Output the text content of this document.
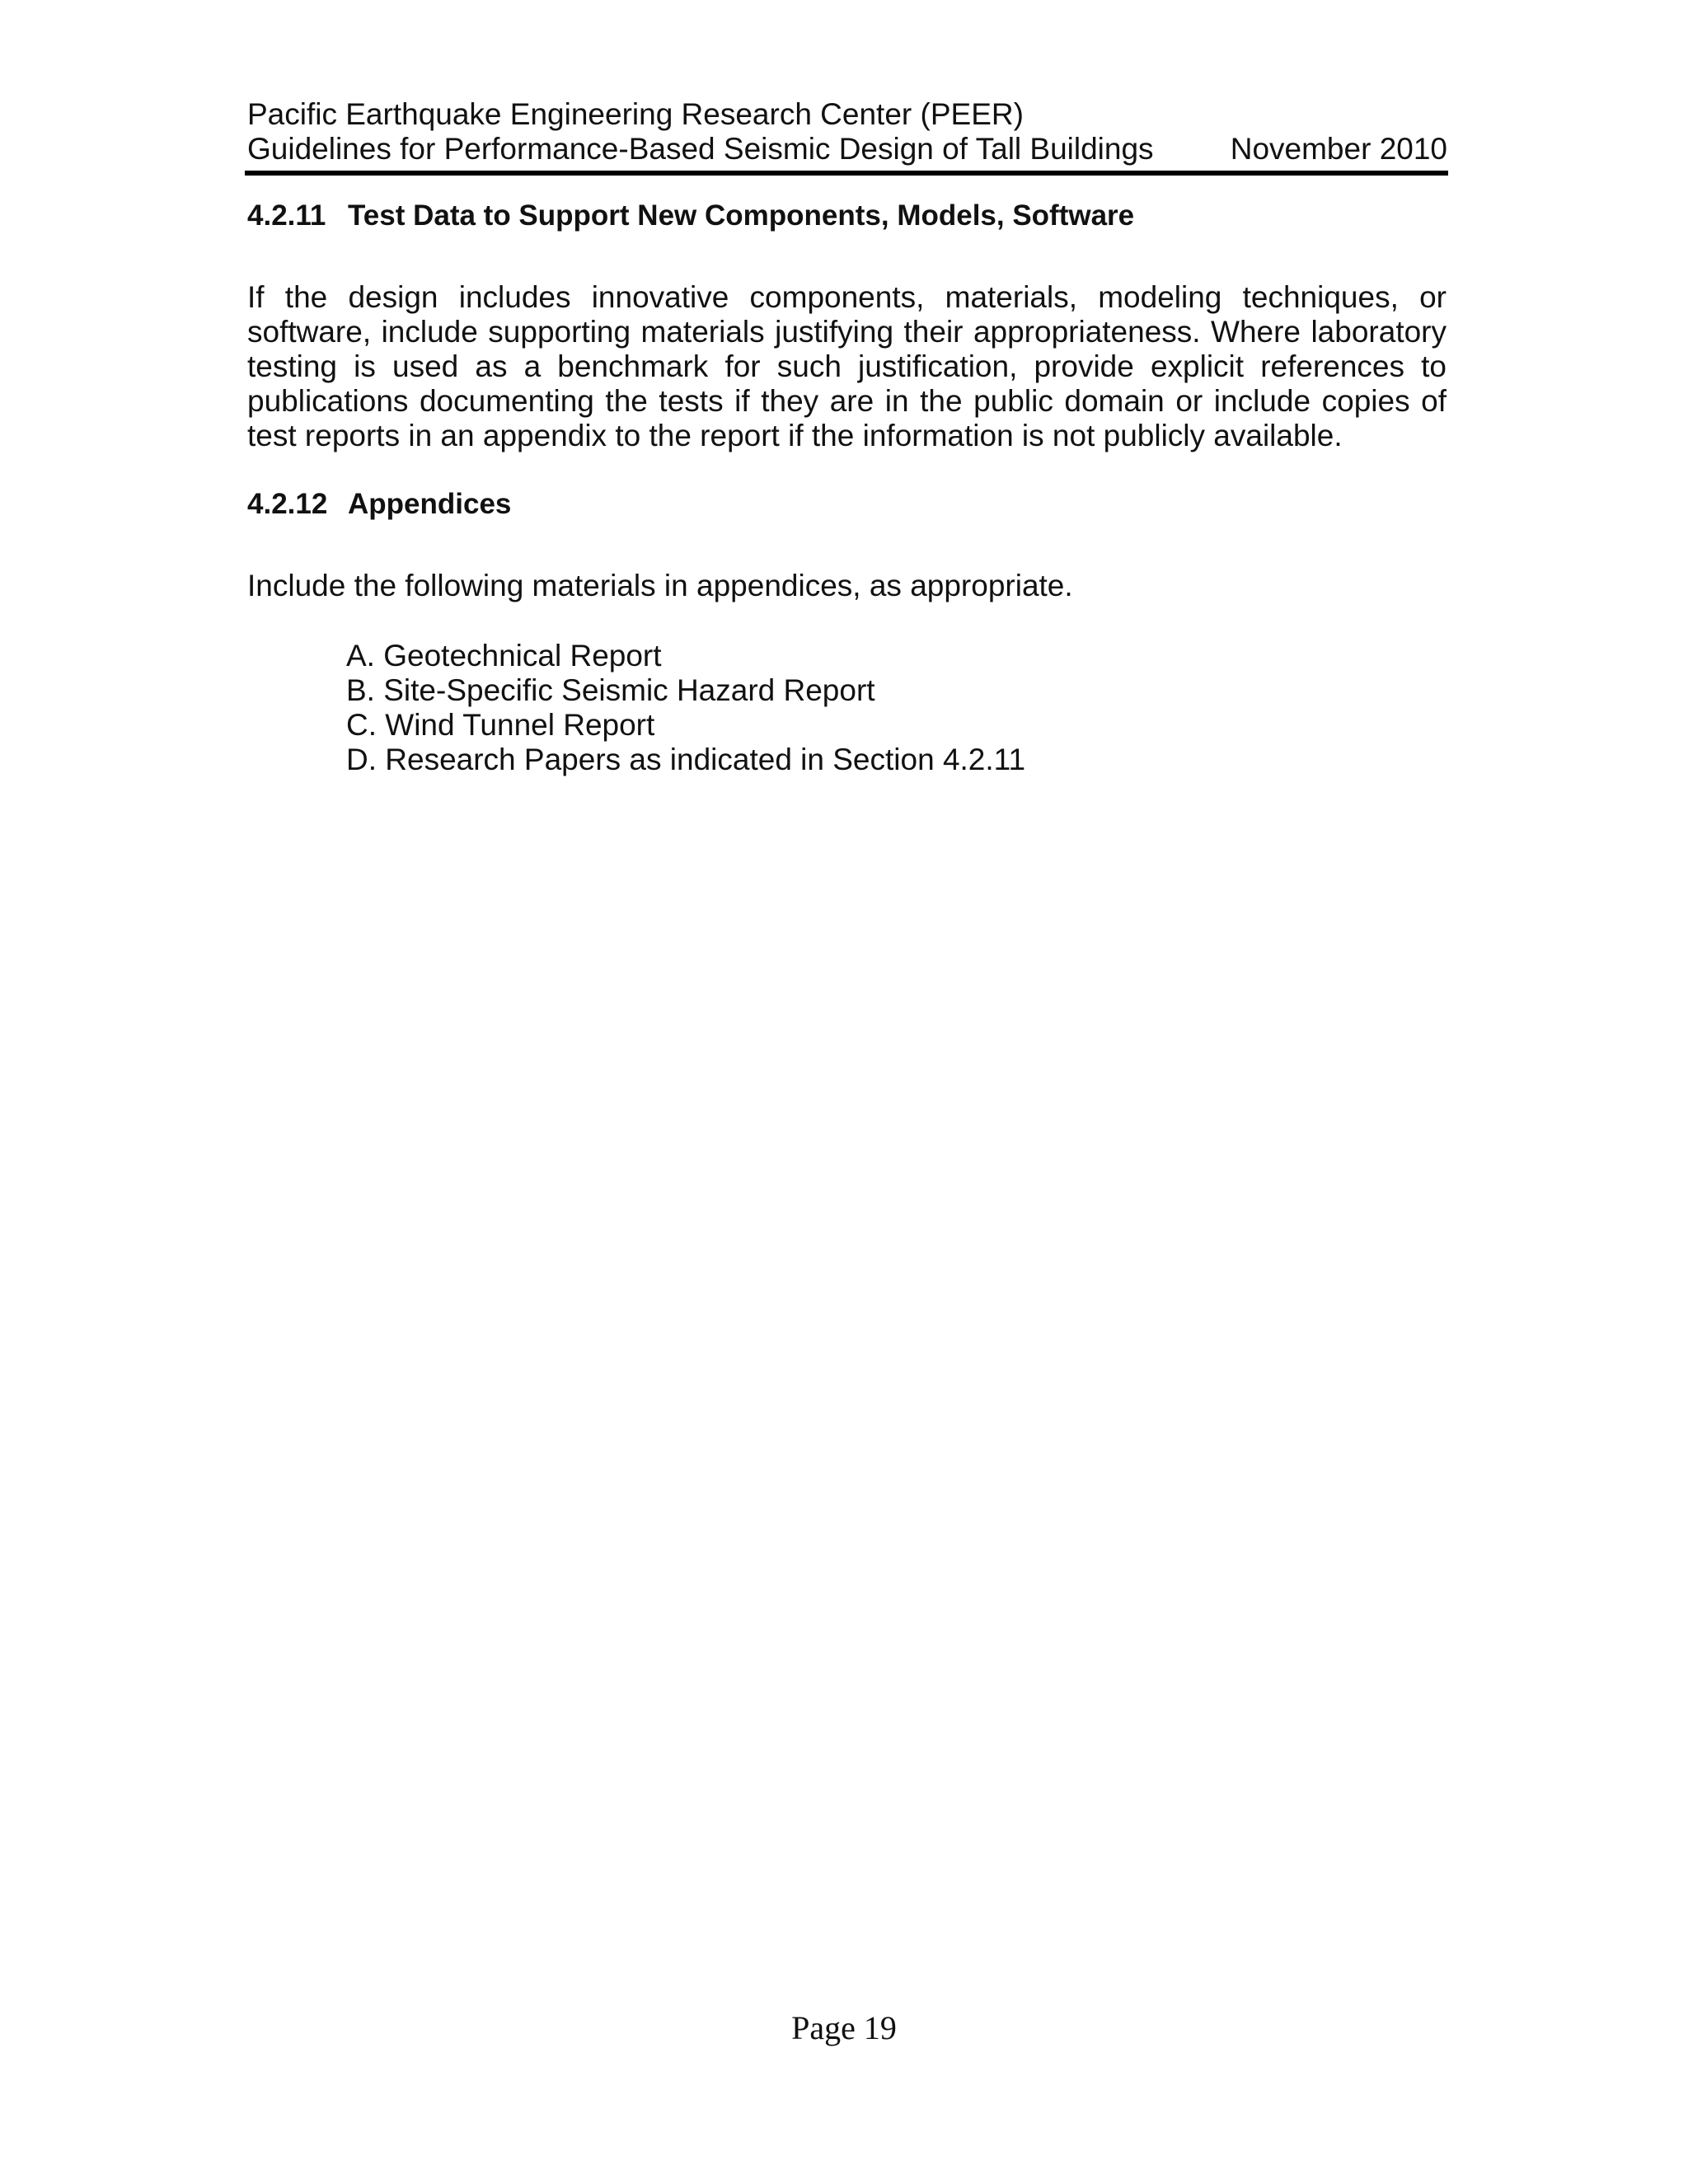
Pacific Earthquake Engineering Research Center (PEER)
Guidelines for Performance-Based Seismic Design of Tall Buildings	November 2010
4.2.11 Test Data to Support New Components, Models, Software

If the design includes innovative components, materials, modeling techniques, or software, include supporting materials justifying their appropriateness. Where laboratory testing is used as a benchmark for such justification, provide explicit references to publications documenting the tests if they are in the public domain or include copies of test reports in an appendix to the report if the information is not publicly available.

4.2.12 Appendices

Include the following materials in appendices, as appropriate.

A. Geotechnical Report
B. Site-Specific Seismic Hazard Report
C. Wind Tunnel Report
D. Research Papers as indicated in Section 4.2.11
Page 19
